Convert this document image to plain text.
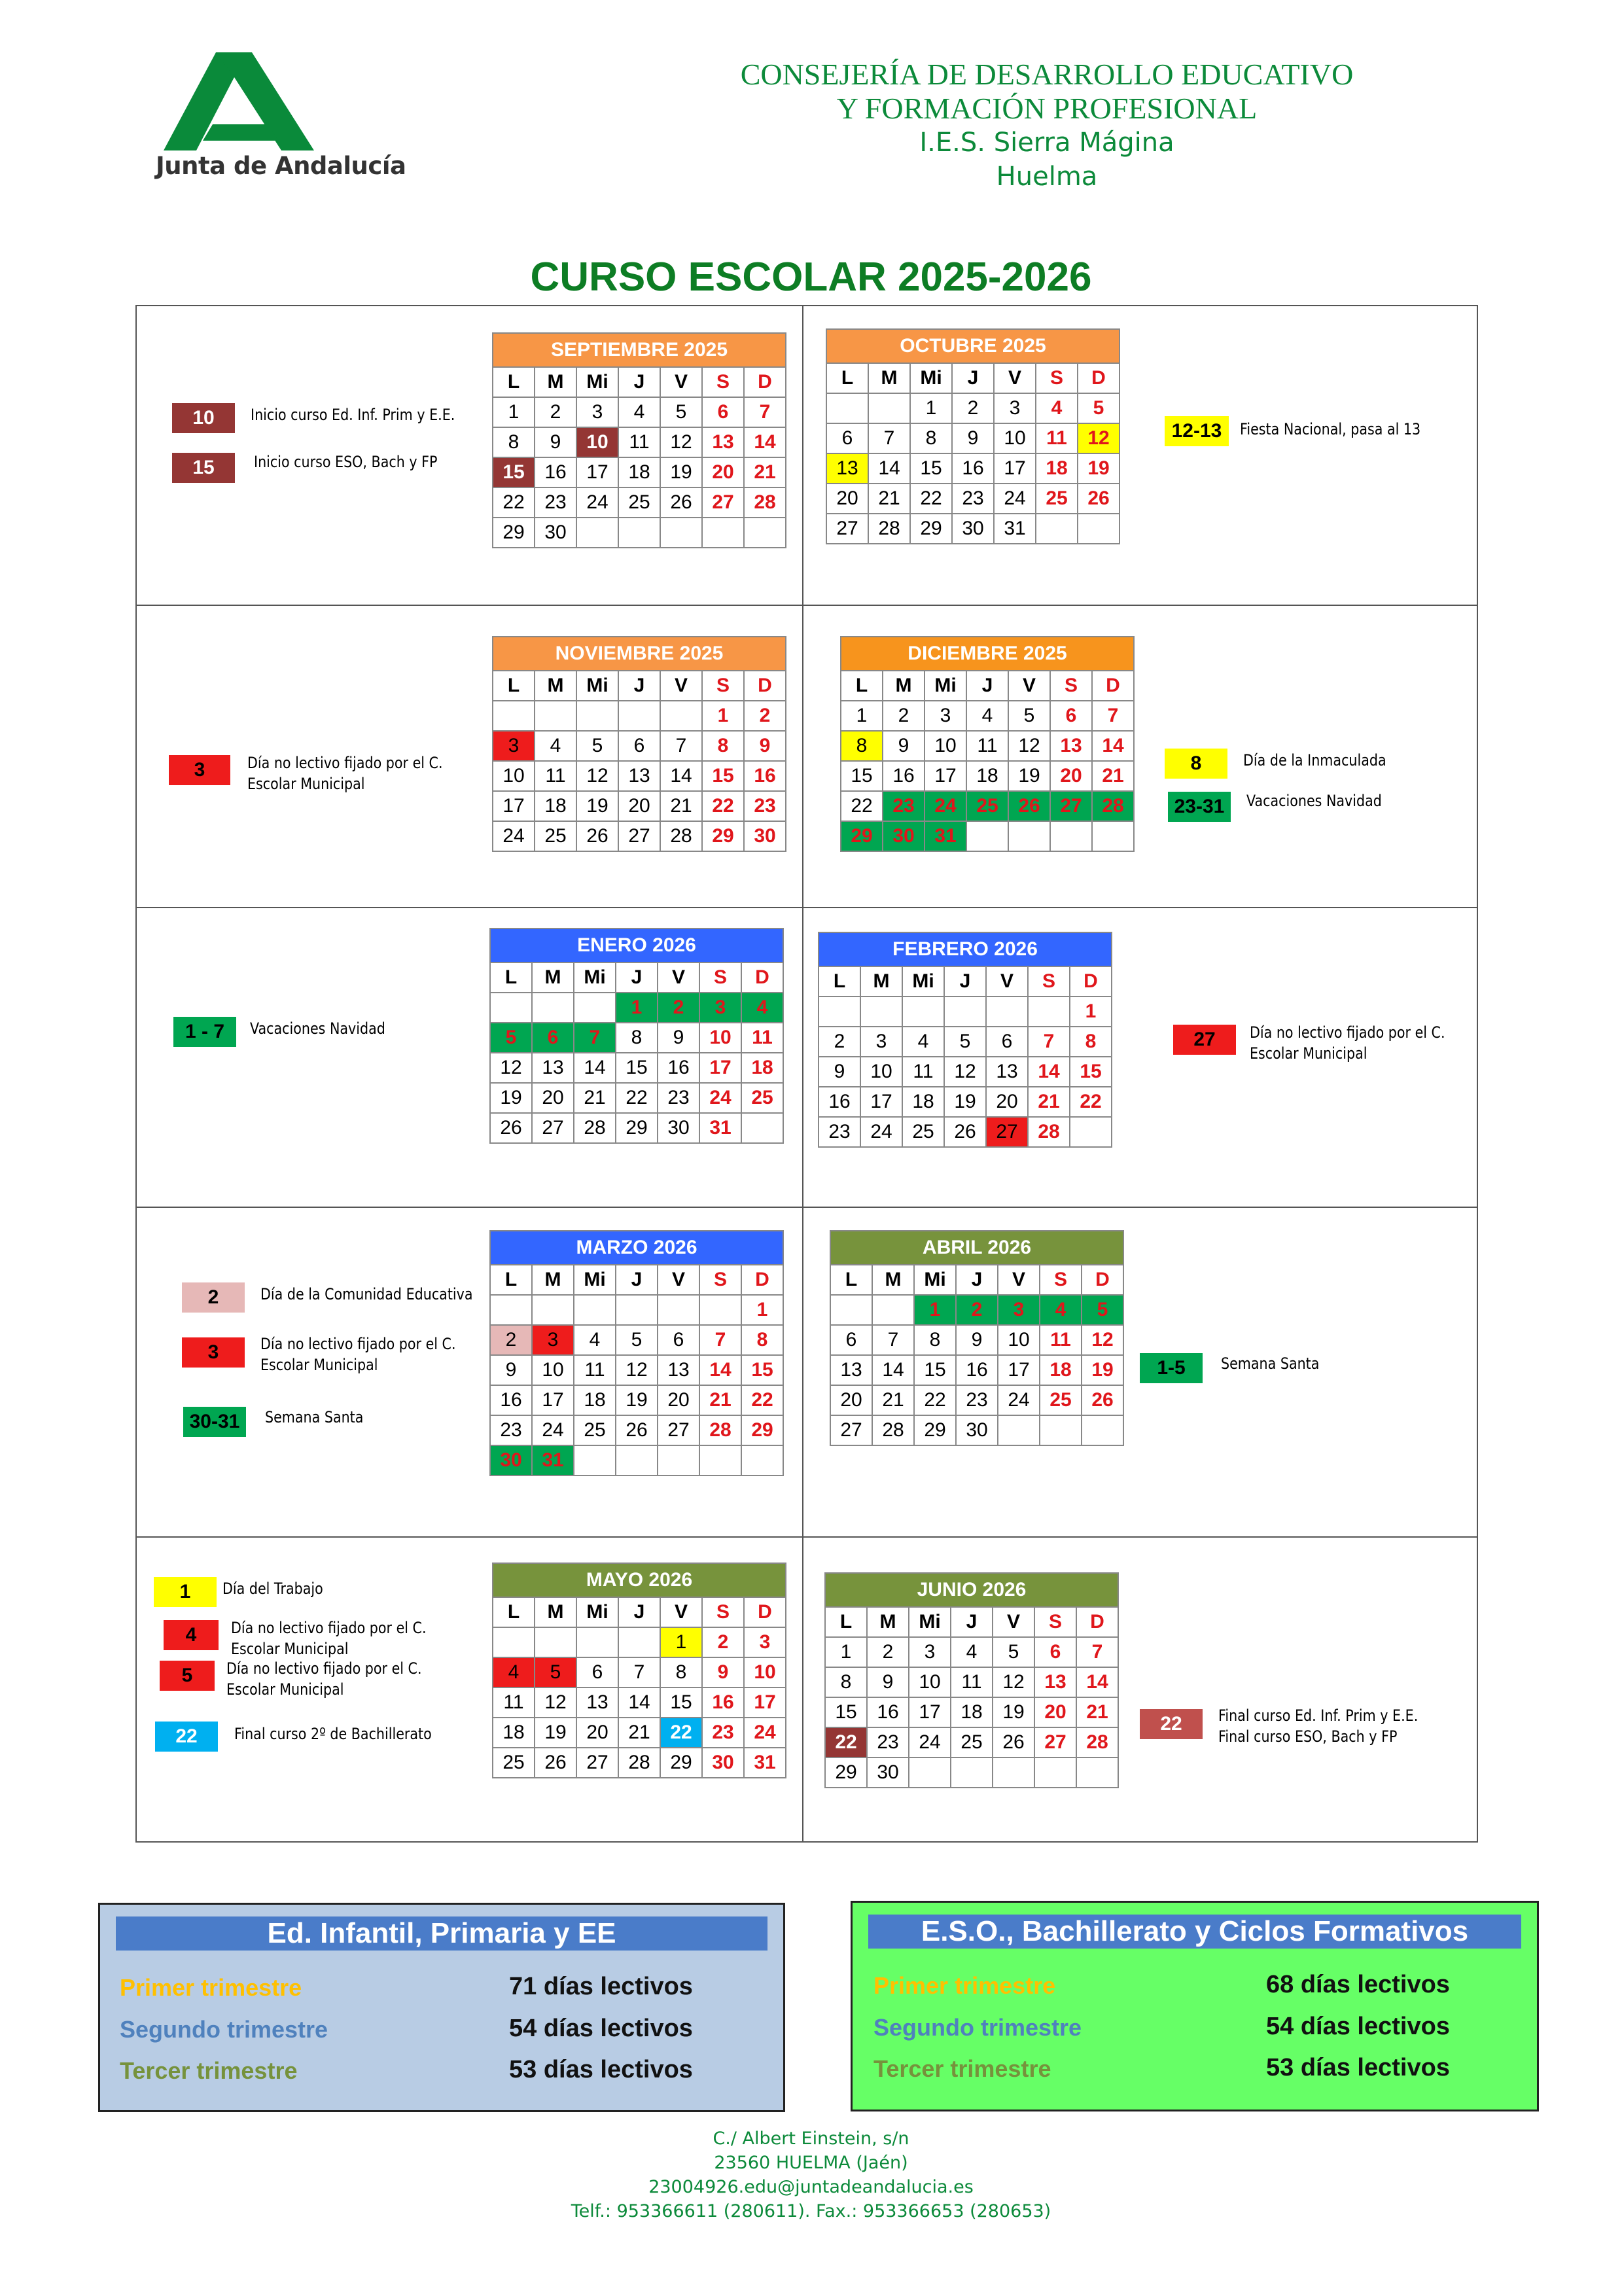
Junta de Andalucía
CONSEJERÍA DE DESARROLLO EDUCATIVO
Y FORMACIÓN PROFESIONAL
I.E.S. Sierra Mágina
Huelma
CURSO ESCOLAR 2025-2026
SEPTIEMBRE 2025						
L	M	Mi	J	V	S	D
1	2	3	4	5	6	7
8	9	10	11	12	13	14
15	16	17	18	19	20	21
22	23	24	25	26	27	28
29	30					
OCTUBRE 2025						
L	M	Mi	J	V	S	D
		1	2	3	4	5
6	7	8	9	10	11	12
13	14	15	16	17	18	19
20	21	22	23	24	25	26
27	28	29	30	31		
NOVIEMBRE 2025						
L	M	Mi	J	V	S	D
					1	2
3	4	5	6	7	8	9
10	11	12	13	14	15	16
17	18	19	20	21	22	23
24	25	26	27	28	29	30
DICIEMBRE 2025						
L	M	Mi	J	V	S	D
1	2	3	4	5	6	7
8	9	10	11	12	13	14
15	16	17	18	19	20	21
22	23	24	25	26	27	28
29	30	31				
ENERO 2026						
L	M	Mi	J	V	S	D
			1	2	3	4
5	6	7	8	9	10	11
12	13	14	15	16	17	18
19	20	21	22	23	24	25
26	27	28	29	30	31	
FEBRERO 2026						
L	M	Mi	J	V	S	D
						1
2	3	4	5	6	7	8
9	10	11	12	13	14	15
16	17	18	19	20	21	22
23	24	25	26	27	28	
MARZO 2026						
L	M	Mi	J	V	S	D
						1
2	3	4	5	6	7	8
9	10	11	12	13	14	15
16	17	18	19	20	21	22
23	24	25	26	27	28	29
30	31					
ABRIL 2026						
L	M	Mi	J	V	S	D
		1	2	3	4	5
6	7	8	9	10	11	12
13	14	15	16	17	18	19
20	21	22	23	24	25	26
27	28	29	30			
MAYO 2026						
L	M	Mi	J	V	S	D
				1	2	3
4	5	6	7	8	9	10
11	12	13	14	15	16	17
18	19	20	21	22	23	24
25	26	27	28	29	30	31
JUNIO 2026						
L	M	Mi	J	V	S	D
1	2	3	4	5	6	7
8	9	10	11	12	13	14
15	16	17	18	19	20	21
22	23	24	25	26	27	28
29	30					
10	Inicio curso Ed. Inf. Prim y E.E.
15	Inicio curso ESO, Bach y FP
12-13	Fiesta Nacional, pasa al 13
3	Día no lectivo fijado por el C. Escolar Municipal
8	Día de la Inmaculada
23-31	Vacaciones Navidad
1 - 7	Vacaciones Navidad	27	Día no lectivo fijado por el C. Escolar Municipal
2	Día de la Comunidad Educativa
3	Día no lectivo fijado por el C. Escolar Municipal
30-31	Semana Santa
1-5	Semana Santa
1	Día del Trabajo
4	Día no lectivo fijado por el C. Escolar Municipal
5	Día no lectivo fijado por el C. Escolar Municipal
22	Final curso 2º de Bachillerato	22	Final curso Ed. Inf. Prim y E.E. Final curso ESO, Bach y FP
Ed. Infantil, Primaria y EE
Primer trimestre	71 días lectivos
Segundo trimestre	54 días lectivos
Tercer trimestre	53 días lectivos
E.S.O., Bachillerato y Ciclos Formativos
Primer trimestre	68 días lectivos
Segundo trimestre	54 días lectivos
Tercer trimestre	53 días lectivos
C./ Albert Einstein, s/n
23560 HUELMA (Jaén)
23004926.edu@juntadeandalucia.es
Telf.: 953366611 (280611). Fax.: 953366653 (280653)
